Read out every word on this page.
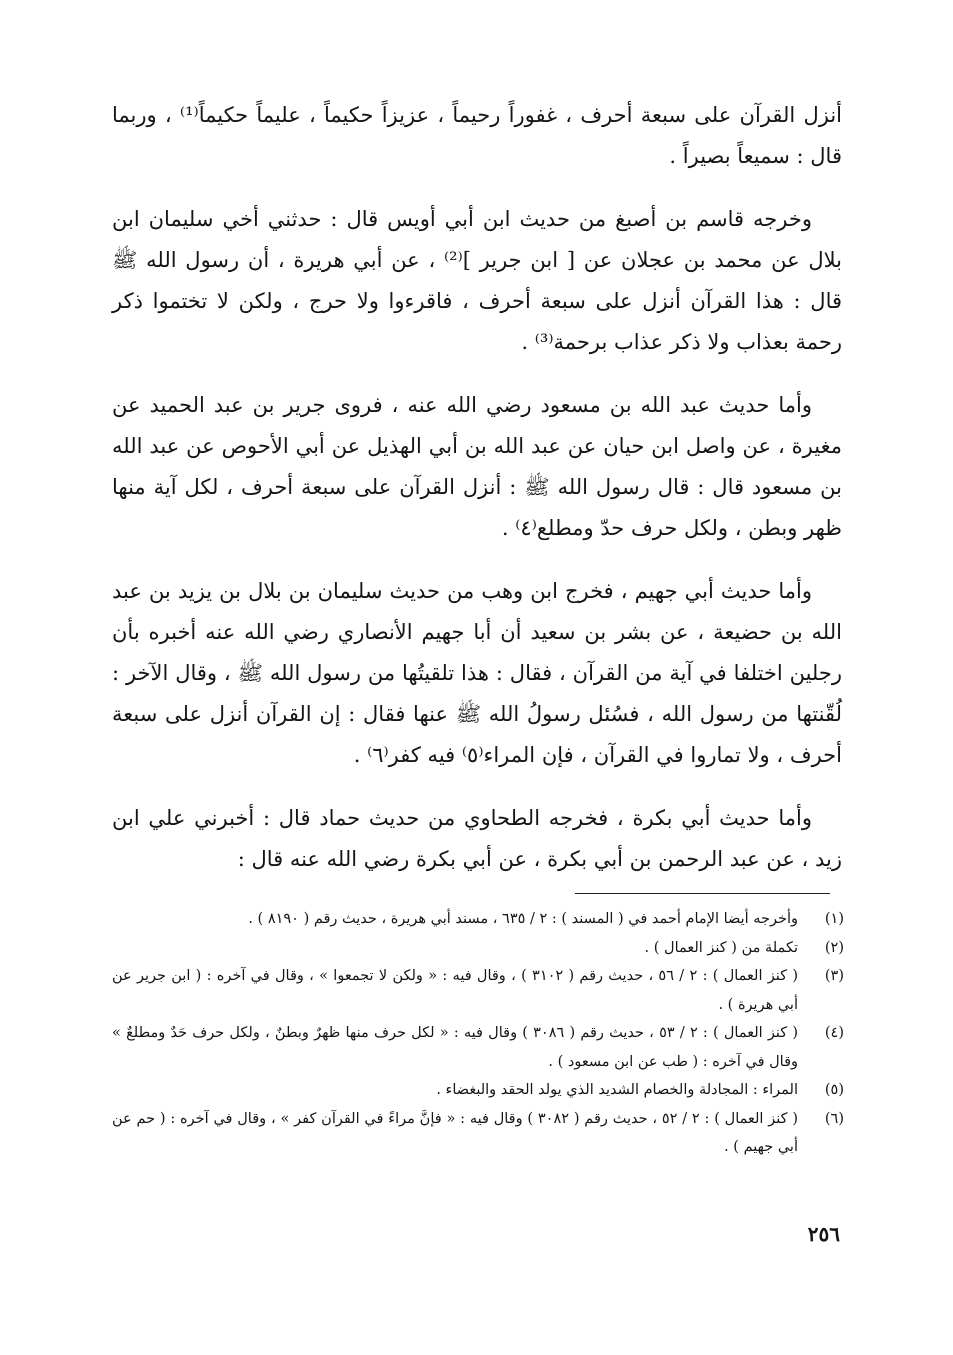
أنزل القرآن على سبعة أحرف ، غفوراً رحيماً ، عزيزاً حكيماً ، عليماً حكيماً⁽¹⁾ ، وربما قال : سميعاً بصيراً .

وخرجه قاسم بن أصبغ من حديث ابن أبي أويس قال : حدثني أخي سليمان ابن بلال عن محمد بن عجلان عن [ ابن جرير ]⁽²⁾ ، عن أبي هريرة ، أن رسول الله ﷺ قال : هذا القرآن أنزل على سبعة أحرف ، فاقرءوا ولا حرج ، ولكن لا تختموا ذكر رحمة بعذاب ولا ذكر عذاب برحمة⁽³⁾ .

وأما حديث عبد الله بن مسعود رضي الله عنه ، فروى جرير بن عبد الحميد عن مغيرة ، عن واصل ابن حيان عن عبد الله بن أبي الهذيل عن أبي الأحوص عن عبد الله بن مسعود قال : قال رسول الله ﷺ : أنزل القرآن على سبعة أحرف ، لكل آية منها ظهر وبطن ، ولكل حرف حدّ ومطلع⁽٤⁾ .

وأما حديث أبي جهيم ، فخرج ابن وهب من حديث سليمان بن بلال بن يزيد بن عبد الله بن حضيعة ، عن بشر بن سعيد أن أبا جهيم الأنصاري رضي الله عنه أخبره بأن رجلين اختلفا في آية من القرآن ، فقال : هذا تلقيتُها من رسول الله ﷺ ، وقال الآخر : لُقّنتها من رسول الله ، فسُئل رسولُ الله ﷺ عنها فقال : إن القرآن أنزل على سبعة أحرف ، ولا تماروا في القرآن ، فإن المراء⁽٥⁾ فيه كفر⁽٦⁾ .

وأما حديث أبي بكرة ، فخرجه الطحاوي من حديث حماد قال : أخبرني علي ابن زيد ، عن عبد الرحمن بن أبي بكرة ، عن أبي بكرة رضي الله عنه قال :

(١)
وأخرجه أيضا الإمام أحمد في ( المسند ) : ٢ / ٦٣٥ ، مسند أبي هريرة ، حديث رقم ( ٨١٩٠ ) .
(٢)
تكملة من ( كنز العمال ) .
(٣)
( كنز العمال ) : ٢ / ٥٦ ، حديث رقم ( ٣١٠٢ ) ، وقال فيه : « ولكن لا تجمعوا » ، وقال في آخره : ( ابن جرير عن أبي هريرة ) .
(٤)
( كنز العمال ) : ٢ / ٥٣ ، حديث رقم ( ٣٠٨٦ ) وقال فيه : « لكل حرف منها ظهرٌ وبطنٌ ، ولكل حرف حَدٌ ومطلعٌ » وقال في آخره : ( طب عن ابن مسعود ) .
(٥)
المراء : المجادلة والخصام الشديد الذي يولد الحقد والبغضاء .
(٦)
( كنز العمال ) : ٢ / ٥٢ ، حديث رقم ( ٣٠٨٢ ) وقال فيه : « فإنَّ مراءً في القرآن كفر » ، وقال في آخره : ( حم عن أبي جهيم ) .
٢٥٦
